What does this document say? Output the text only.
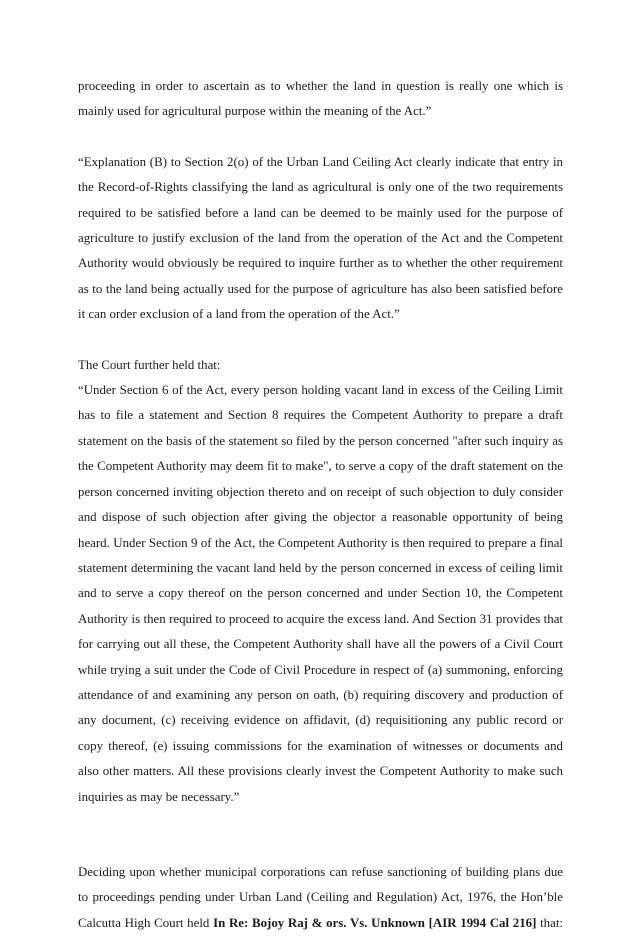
proceeding in order to ascertain as to whether the land in question is really one which is

mainly used for agricultural purpose within the meaning of the Act.”

“Explanation (B) to Section 2(o) of the Urban Land Ceiling Act clearly indicate that entry in

the Record-of-Rights classifying the land as agricultural is only one of the two requirements

required to be satisfied before a land can be deemed to be mainly used for the purpose of

agriculture to justify exclusion of the land from the operation of the Act and the Competent

Authority would obviously be required to inquire further as to whether the other requirement

as to the land being actually used for the purpose of agriculture has also been satisfied before

it can order exclusion of a land from the operation of the Act.”

The Court further held that:

“Under Section 6 of the Act, every person holding vacant land in excess of the Ceiling Limit

has to file a statement and Section 8 requires the Competent Authority to prepare a draft

statement on the basis of the statement so filed by the person concerned "after such inquiry as

the Competent Authority may deem fit to make", to serve a copy of the draft statement on the

person concerned inviting objection thereto and on receipt of such objection to duly consider

and dispose of such objection after giving the objector a reasonable opportunity of being

heard. Under Section 9 of the Act, the Competent Authority is then required to prepare a final

statement determining the vacant land held by the person concerned in excess of ceiling limit

and to serve a copy thereof on the person concerned and under Section 10, the Competent

Authority is then required to proceed to acquire the excess land. And Section 31 provides that

for carrying out all these, the Competent Authority shall have all the powers of a Civil Court

while trying a suit under the Code of Civil Procedure in respect of (a) summoning, enforcing

attendance of and examining any person on oath, (b) requiring discovery and production of

any document, (c) receiving evidence on affidavit, (d) requisitioning any public record or

copy thereof, (e) issuing commissions for the examination of witnesses or documents and

also other matters. All these provisions clearly invest the Competent Authority to make such

inquiries as may be necessary.”

Deciding upon whether municipal corporations can refuse sanctioning of building plans due

to proceedings pending under Urban Land (Ceiling and Regulation) Act, 1976, the Hon’ble

Calcutta High Court held In Re: Bojoy Raj & ors. Vs. Unknown [AIR 1994 Cal 216] that:
